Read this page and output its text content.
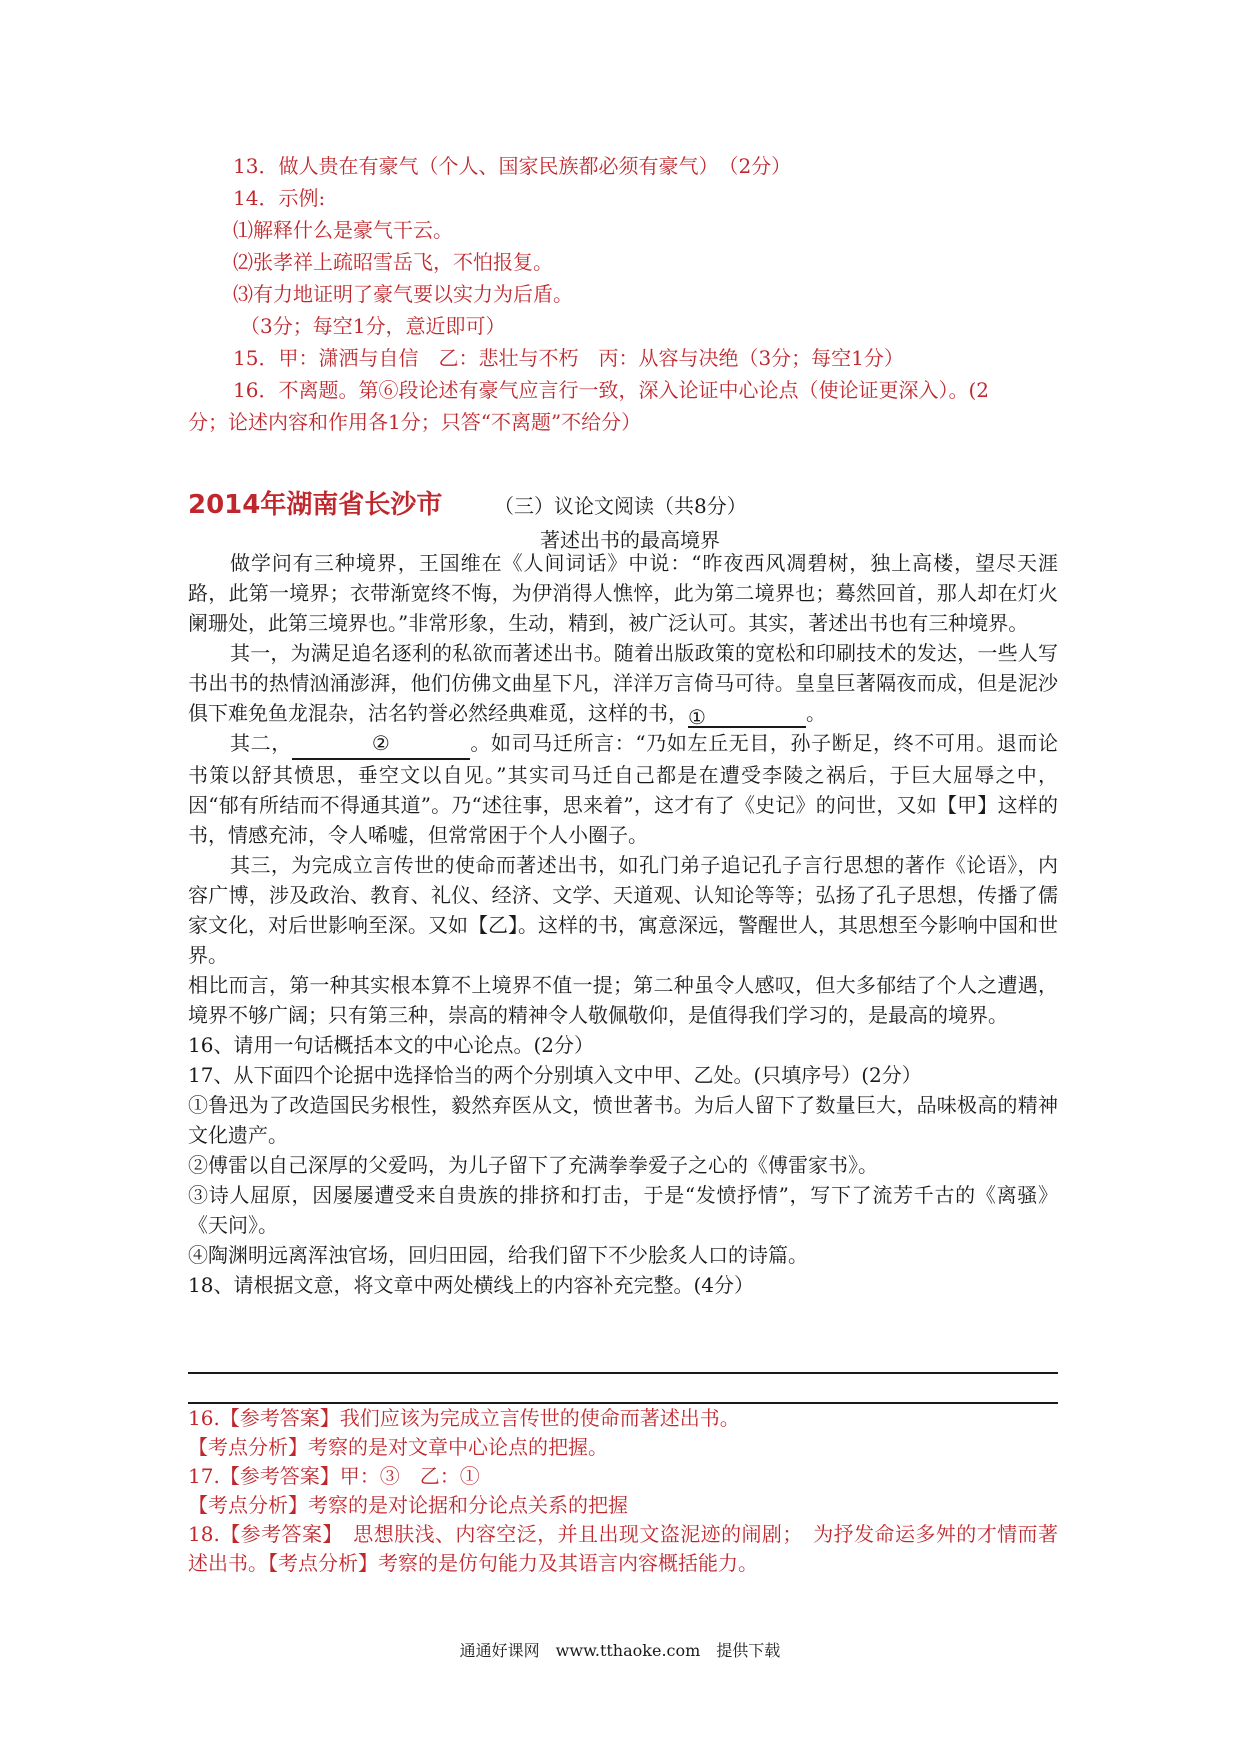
13．做人贵在有豪气（个人、国家民族都必须有豪气）　（2分）
14．示例:
⑴解释什么是豪气干云。
⑵张孝祥上疏昭雪岳飞，不怕报复。
⑶有力地证明了豪气要以实力为后盾。
（3分；每空1分，意近即可）
15．甲：潇洒与自信　乙：悲壮与不朽　丙：从容与决绝（3分；每空1分）
16．不离题。第⑥段论述有豪气应言行一致，深入论证中心论点（使论证更深入）。(2
分；论述内容和作用各1分；只答“不离题”不给分）
2014年湖南省长沙市	（三）议论文阅读（共8分）
著述出书的最高境界

做学问有三种境界，王国维在《人间词话》中说：“昨夜西风凋碧树，独上高楼，望尽天涯路，此第一境界；衣带渐宽终不悔，为伊消得人憔悴，此为第二境界也；蓦然回首，那人却在灯火阑珊处，此第三境界也。”非常形象，生动，精到，被广泛认可。其实，著述出书也有三种境界。

其一，为满足追名逐利的私欲而著述出书。随着出版政策的宽松和印刷技术的发达，一些人写书出书的热情汹涌澎湃，他们仿佛文曲星下凡，洋洋万言倚马可待。皇皇巨著隔夜而成，但是泥沙俱下难免鱼龙混杂，沽名钓誉必然经典难觅，这样的书，①	。

其二，	②	。如司马迁所言：“乃如左丘无目，孙子断足，终不可用。退而论书策以舒其愤思，垂空文以自见。”其实司马迁自己都是在遭受李陵之祸后，于巨大屈辱之中，因“郁有所结而不得通其道”。乃“述往事，思来着”，这才有了《史记》的问世，又如【甲】这样的书，情感充沛，令人唏嘘，但常常困于个人小圈子。

其三，为完成立言传世的使命而著述出书，如孔门弟子追记孔子言行思想的著作《论语》，内容广博，涉及政治、教育、礼仪、经济、文学、天道观、认知论等等；弘扬了孔子思想，传播了儒家文化，对后世影响至深。又如【乙】。这样的书，寓意深远，警醒世人，其思想至今影响中国和世界。

相比而言，第一种其实根本算不上境界不值一提；第二种虽令人感叹，但大多郁结了个人之遭遇，境界不够广阔；只有第三种，崇高的精神令人敬佩敬仰，是值得我们学习的，是最高的境界。

16、请用一句话概括本文的中心论点。(2分）

17、从下面四个论据中选择恰当的两个分别填入文中甲、乙处。(只填序号）(2分）

①鲁迅为了改造国民劣根性，毅然弃医从文，愤世著书。为后人留下了数量巨大，品味极高的精神文化遗产。

②傅雷以自己深厚的父爱吗，为儿子留下了充满拳拳爱子之心的《傅雷家书》。

③诗人屈原，因屡屡遭受来自贵族的排挤和打击，于是“发愤抒情”，写下了流芳千古的《离骚》《天问》。

④陶渊明远离浑浊官场，回归田园，给我们留下不少脍炙人口的诗篇。

18、请根据文意，将文章中两处横线上的内容补充完整。(4分）

16.【参考答案】我们应该为完成立言传世的使命而著述出书。

【考点分析】考察的是对文章中心论点的把握。

17.【参考答案】甲：③　乙：①

【考点分析】考察的是对论据和分论点关系的把握

18.【参考答案】　思想肤浅、内容空泛，并且出现文盗泥迹的闹剧；　为抒发命运多舛的才情而著述出书。【考点分析】考察的是仿句能力及其语言内容概括能力。

通通好课网　www.tthaoke.com　提供下载
